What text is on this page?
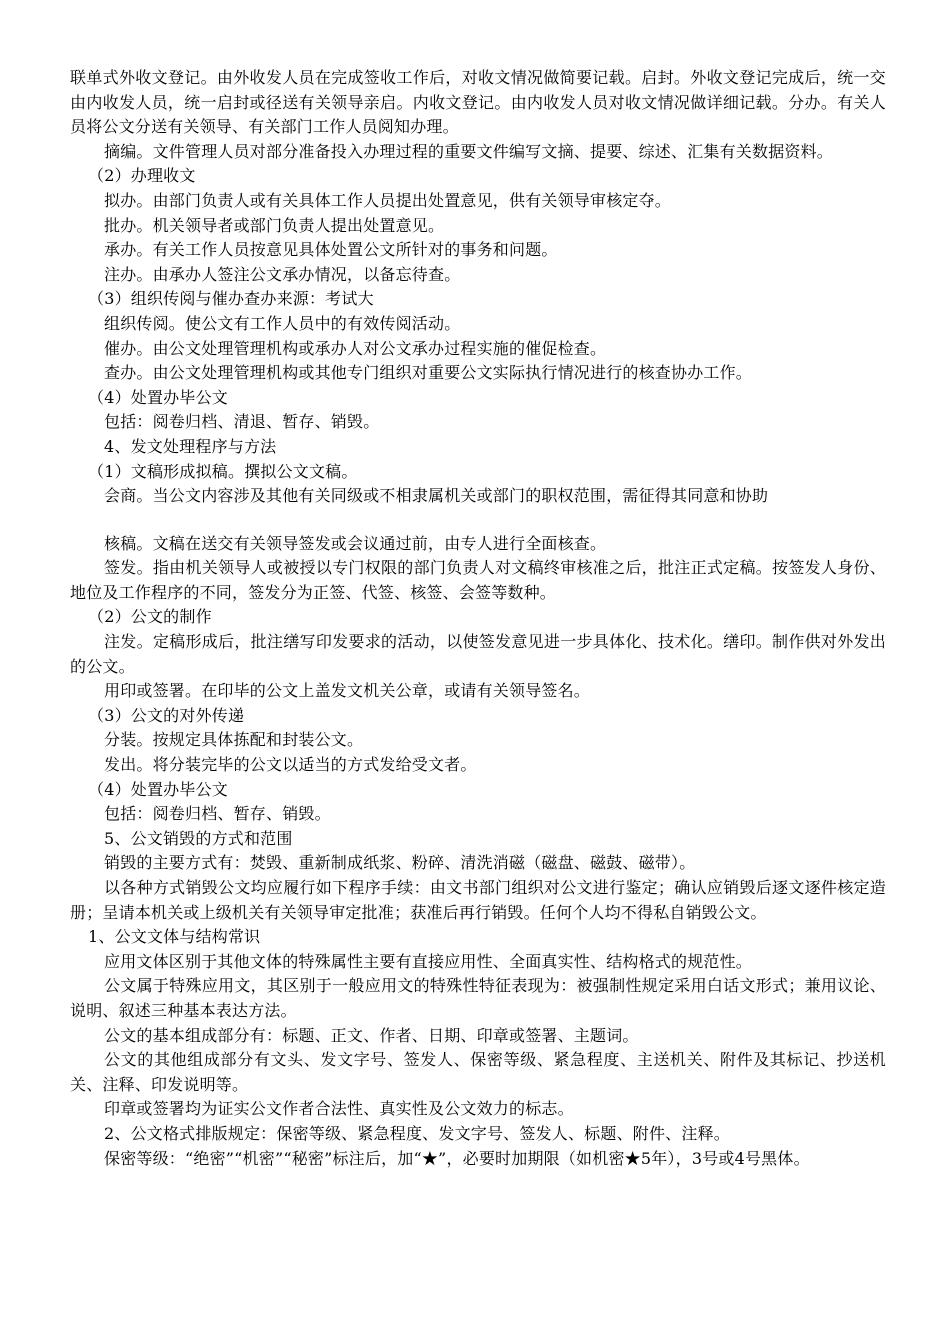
联单式外收文登记。由外收发人员在完成签收工作后，对收文情况做简要记载。启封。外收文登记完成后，统一交由内收发人员，统一启封或径送有关领导亲启。内收文登记。由内收发人员对收文情况做详细记载。分办。有关人员将公文分送有关领导、有关部门工作人员阅知办理。

摘编。文件管理人员对部分准备投入办理过程的重要文件编写文摘、提要、综述、汇集有关数据资料。

（2）办理收文

拟办。由部门负责人或有关具体工作人员提出处置意见，供有关领导审核定夺。

批办。机关领导者或部门负责人提出处置意见。

承办。有关工作人员按意见具体处置公文所针对的事务和问题。

注办。由承办人签注公文承办情况，以备忘待查。

（3）组织传阅与催办查办来源：考试大

组织传阅。使公文有工作人员中的有效传阅活动。

催办。由公文处理管理机构或承办人对公文承办过程实施的催促检查。

查办。由公文处理管理机构或其他专门组织对重要公文实际执行情况进行的核查协办工作。

（4）处置办毕公文

包括：阅卷归档、清退、暂存、销毁。

4、发文处理程序与方法

（1）文稿形成拟稿。撰拟公文文稿。

会商。当公文内容涉及其他有关同级或不相隶属机关或部门的职权范围，需征得其同意和协助

核稿。文稿在送交有关领导签发或会议通过前，由专人进行全面核查。

签发。指由机关领导人或被授以专门权限的部门负责人对文稿终审核准之后，批注正式定稿。按签发人身份、地位及工作程序的不同，签发分为正签、代签、核签、会签等数种。

（2）公文的制作

注发。定稿形成后，批注缮写印发要求的活动，以使签发意见进一步具体化、技术化。缮印。制作供对外发出的公文。

用印或签署。在印毕的公文上盖发文机关公章，或请有关领导签名。

（3）公文的对外传递

分装。按规定具体拣配和封装公文。

发出。将分装完毕的公文以适当的方式发给受文者。

（4）处置办毕公文

包括：阅卷归档、暂存、销毁。

5、公文销毁的方式和范围

销毁的主要方式有：焚毁、重新制成纸浆、粉碎、清洗消磁（磁盘、磁鼓、磁带）。

以各种方式销毁公文均应履行如下程序手续：由文书部门组织对公文进行鉴定；确认应销毁后逐文逐件核定造册；呈请本机关或上级机关有关领导审定批准；获准后再行销毁。任何个人均不得私自销毁公文。

1、公文文体与结构常识

应用文体区别于其他文体的特殊属性主要有直接应用性、全面真实性、结构格式的规范性。

公文属于特殊应用文，其区别于一般应用文的特殊性特征表现为：被强制性规定采用白话文形式；兼用议论、说明、叙述三种基本表达方法。

公文的基本组成部分有：标题、正文、作者、日期、印章或签署、主题词。

公文的其他组成部分有文头、发文字号、签发人、保密等级、紧急程度、主送机关、附件及其标记、抄送机关、注释、印发说明等。

印章或签署均为证实公文作者合法性、真实性及公文效力的标志。

2、公文格式排版规定：保密等级、紧急程度、发文字号、签发人、标题、附件、注释。

保密等级：“绝密”“机密”“秘密”标注后，加“★”，必要时加期限（如机密★5年），3号或4号黑体。
